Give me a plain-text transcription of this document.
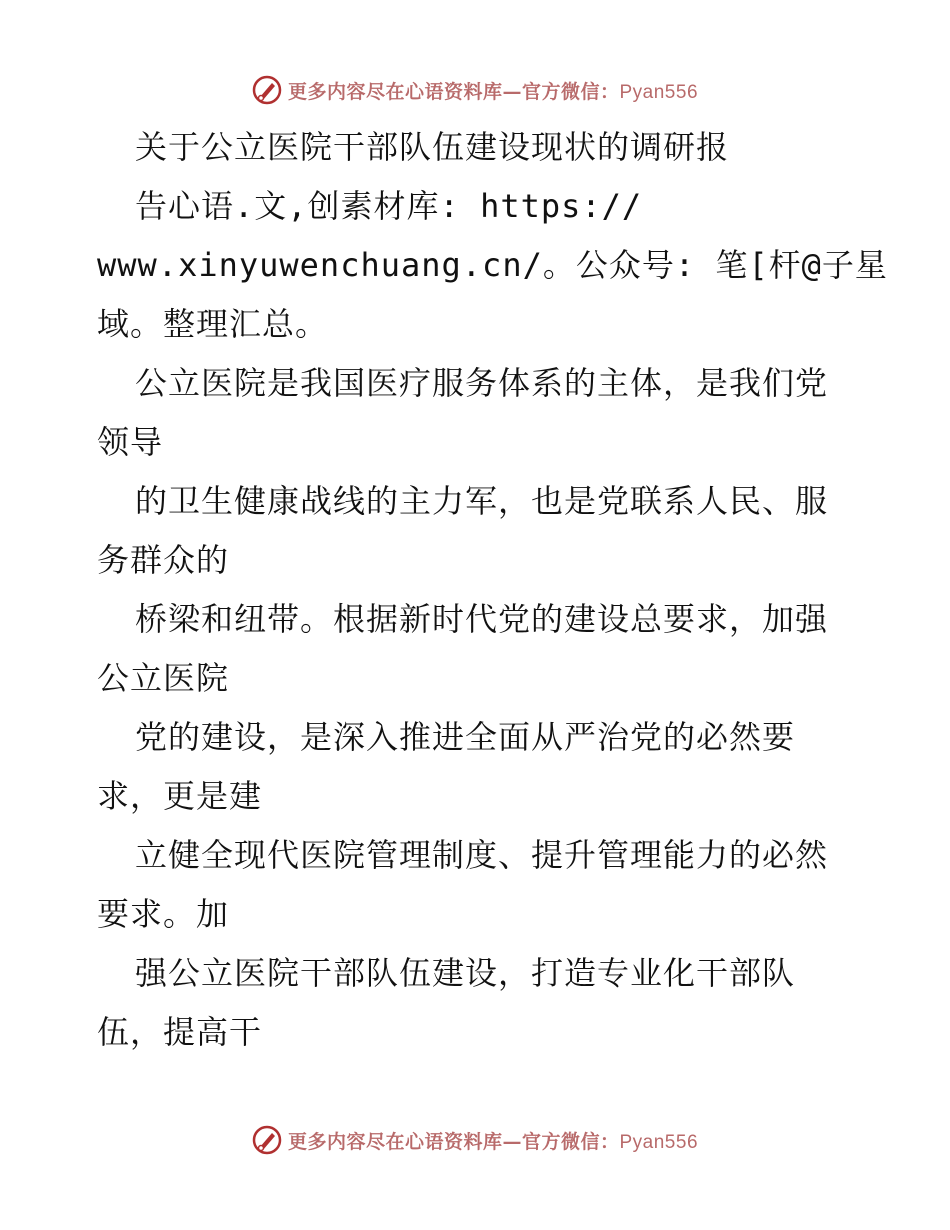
更多内容尽在心语资料库—官方微信：Pyan556
关于公立医院干部队伍建设现状的调研报
告心语.文,创素材库: https://
www.xinyuwenchuang.cn/。公众号: 笔[杆@子星
域。整理汇总。
公立医院是我国医疗服务体系的主体，是我们党
领导
的卫生健康战线的主力军，也是党联系人民、服
务群众的
桥梁和纽带。根据新时代党的建设总要求，加强
公立医院
党的建设，是深入推进全面从严治党的必然要
求，更是建
立健全现代医院管理制度、提升管理能力的必然
要求。加
强公立医院干部队伍建设，打造专业化干部队
伍，提高干
更多内容尽在心语资料库—官方微信：Pyan556
